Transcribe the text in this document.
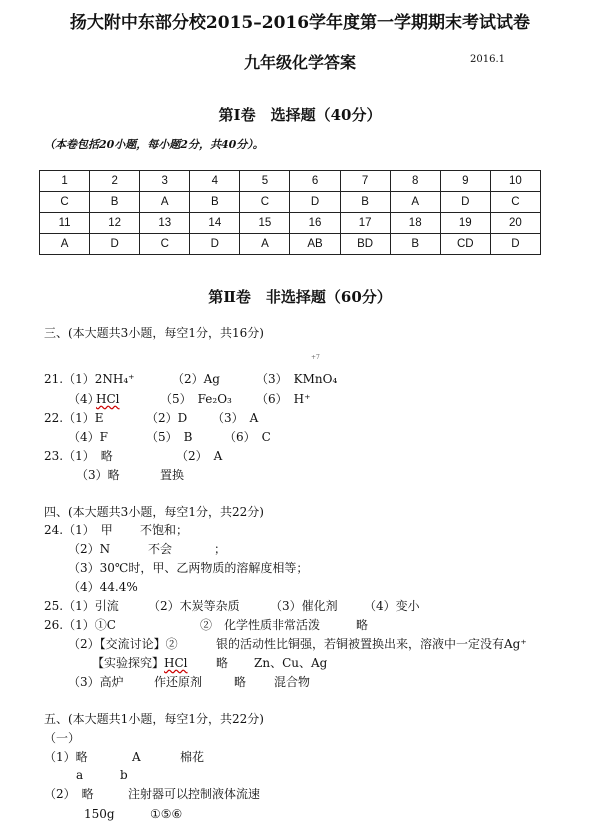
扬大附中东部分校2015–2016学年度第一学期期末考试试卷
九年级化学答案	2016.1
第Ⅰ卷　选择题（40分）
（本卷包括20小题，每小题2分，共40分）。
1	2	3	4	5	6	7	8	9	10
C	B	A	B	C	D	B	A	D	C
11	12	13	14	15	16	17	18	19	20
A	D	C	D	A	AB	BD	B	CD	D
第Ⅱ卷　非选择题（60分）
三、(本大题共3小题，每空1分，共16分)
+7
21.（1）2NH₄⁺	（2）Ag	（3）　KMnO₄
（4）
HCl	（5）　Fe₂O₃ （6）　H⁺
22.（1）E	（2）D （3）　A
（4）F	（5）　B	（6）　C
23.（1）　略	（2）　A
（3）略	置换
四、(本大题共3小题，每空1分，共22分)
24.（1）　甲 不饱和；
（2）N	不会	；
（3）30℃时，甲、乙两物质的溶解度相等；
（4）44.4%
25.（1）引流 （2）木炭等杂质	（3）催化剂 （4）变小
26.（1）①C	②　化学性质非常活泼	略
（2）【交流讨论】②	银的活动性比铜强，若铜被置换出来，溶液中一定没有Ag⁺
【实验探究】 HCl 略 Zn、Cu、Ag
（3）高炉	作还原剂	略 混合物
五、(本大题共1小题，每空1分，共22分)
（一）
（1）略	A	棉花
a	b
（2）　略	注射器可以控制液体流速
150g	①⑤⑥
